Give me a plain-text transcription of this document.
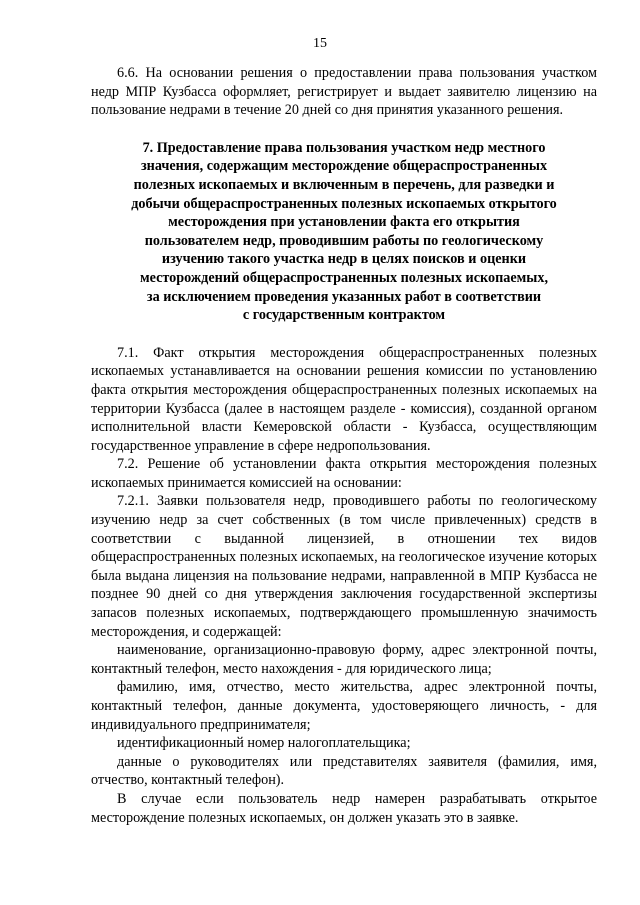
15

6.6. На основании решения о предоставлении права пользования участком недр МПР Кузбасса оформляет, регистрирует и выдает заявителю лицензию на пользование недрами в течение 20 дней со дня принятия указанного решения.

7. Предоставление права пользования участком недр местного
значения, содержащим месторождение общераспространенных
полезных ископаемых и включенным в перечень, для разведки и
добычи общераспространенных полезных ископаемых открытого
месторождения при установлении факта его открытия
пользователем недр, проводившим работы по геологическому
изучению такого участка недр в целях поисков и оценки
месторождений общераспространенных полезных ископаемых,
за исключением проведения указанных работ в соответствии
с государственным контрактом

7.1. Факт открытия месторождения общераспространенных полезных ископаемых устанавливается на основании решения комиссии по установлению факта открытия месторождения общераспространенных полезных ископаемых на территории Кузбасса (далее в настоящем разделе - комиссия), созданной органом исполнительной власти Кемеровской области - Кузбасса, осуществляющим государственное управление в сфере недропользования.

7.2. Решение об установлении факта открытия месторождения полезных ископаемых принимается комиссией на основании:

7.2.1. Заявки пользователя недр, проводившего работы по геологическому изучению недр за счет собственных (в том числе привлеченных) средств в соответствии с выданной лицензией, в отношении тех видов общераспространенных полезных ископаемых, на геологическое изучение которых была выдана лицензия на пользование недрами, направленной в МПР Кузбасса не позднее 90 дней со дня утверждения заключения государственной экспертизы запасов полезных ископаемых, подтверждающего промышленную значимость месторождения, и содержащей:

наименование, организационно-правовую форму, адрес электронной почты, контактный телефон, место нахождения - для юридического лица;

фамилию, имя, отчество, место жительства, адрес электронной почты, контактный телефон, данные документа, удостоверяющего личность, - для индивидуального предпринимателя;

идентификационный номер налогоплательщика;

данные о руководителях или представителях заявителя (фамилия, имя, отчество, контактный телефон).

В случае если пользователь недр намерен разрабатывать открытое месторождение полезных ископаемых, он должен указать это в заявке.
